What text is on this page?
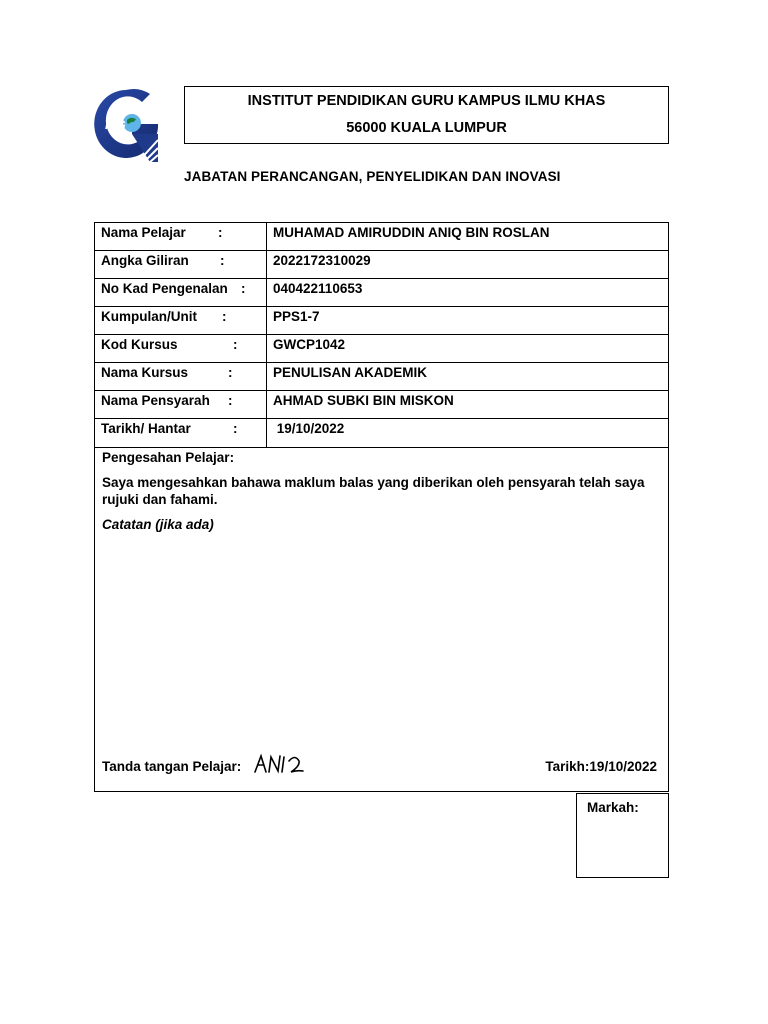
IPG
INSTITUT PENDIDIKAN GURU KAMPUS ILMU KHAS
56000 KUALA LUMPUR
JABATAN PERANCANGAN, PENYELIDIKAN DAN INOVASI
Nama Pelajar :	MUHAMAD AMIRUDDIN ANIQ BIN ROSLAN
Angka Giliran :	2022172310029
No Kad Pengenalan :	040422110653
Kumpulan/Unit :	PPS1-7
Kod Kursus	:	GWCP1042
Nama Kursus	:	PENULISAN AKADEMIK
Nama Pensyarah :	AHMAD SUBKI BIN MISKON
Tarikh/ Hantar	:	19/10/2022
Pengesahan Pelajar:
Saya mengesahkan bahawa maklum balas yang diberikan oleh pensyarah telah saya rujuki dan fahami.
Catatan (jika ada)
Tanda tangan Pelajar:	Tarikh:19/10/2022
Markah:
